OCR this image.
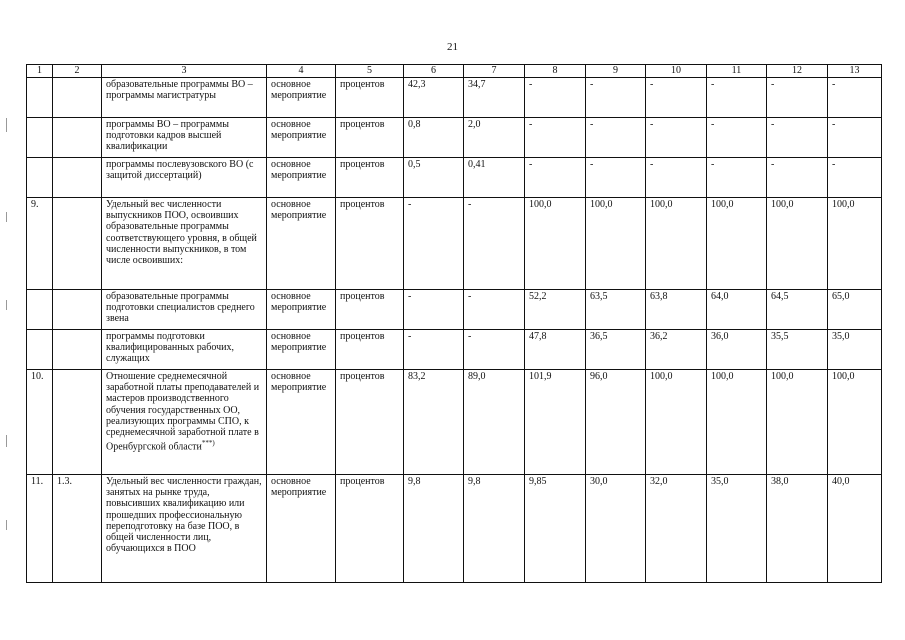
21
1	2	3	4	5	6	7	8	9	10	11	12	13
		образовательные программы ВО – программы магистратуры	основное мероприятие	процентов	42,3	34,7	-	-	-	-	-	-
		программы ВО – программы подготовки кадров высшей квалификации	основное мероприятие	процентов	0,8	2,0	-	-	-	-	-	-
		программы послевузовского ВО (с защитой диссертаций)	основное мероприятие	процентов	0,5	0,41	-	-	-	-	-	-
9.		Удельный вес численности выпускников ПОО, освоивших образовательные программы соответствующего уровня, в общей численности выпускников, в том числе освоивших:	основное мероприятие	процентов	-	-	100,0	100,0	100,0	100,0	100,0	100,0
		образовательные программы подготовки специалистов среднего звена	основное мероприятие	процентов	-	-	52,2	63,5	63,8	64,0	64,5	65,0
		программы подготовки квалифицированных рабочих, служащих	основное мероприятие	процентов	-	-	47,8	36,5	36,2	36,0	35,5	35,0
10.		Отношение среднемесячной заработной платы преподавателей и мастеров производственного обучения государственных ОО, реализующих программы СПО, к среднемесячной заработной плате в Оренбургской области***)	основное мероприятие	процентов	83,2	89,0	101,9	96,0	100,0	100,0	100,0	100,0
11.	1.3.	Удельный вес численности граждан, занятых на рынке труда, повысивших квалификацию или прошедших профессиональную переподготовку на базе ПОО, в общей численности лиц, обучающихся в ПОО	основное мероприятие	процентов	9,8	9,8	9,85	30,0	32,0	35,0	38,0	40,0
